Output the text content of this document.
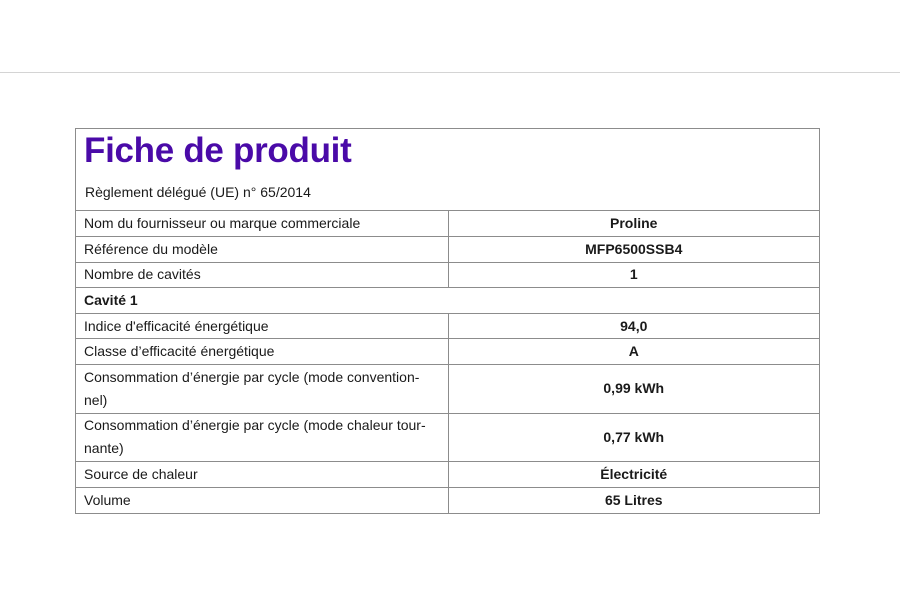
Fiche de produit
Règlement délégué (UE) n° 65/2014
Nom du fournisseur ou marque commerciale	Proline
Référence du modèle	MFP6500SSB4
Nombre de cavités	1
Cavité 1	
Indice d'efficacité énergétique	94,0
Classe d’efficacité énergétique	A
Consommation d’énergie par cycle (mode convention-
nel)	0,99 kWh
Consommation d’énergie par cycle (mode chaleur tour-
nante)	0,77 kWh
Source de chaleur	Électricité
Volume	65 Litres
